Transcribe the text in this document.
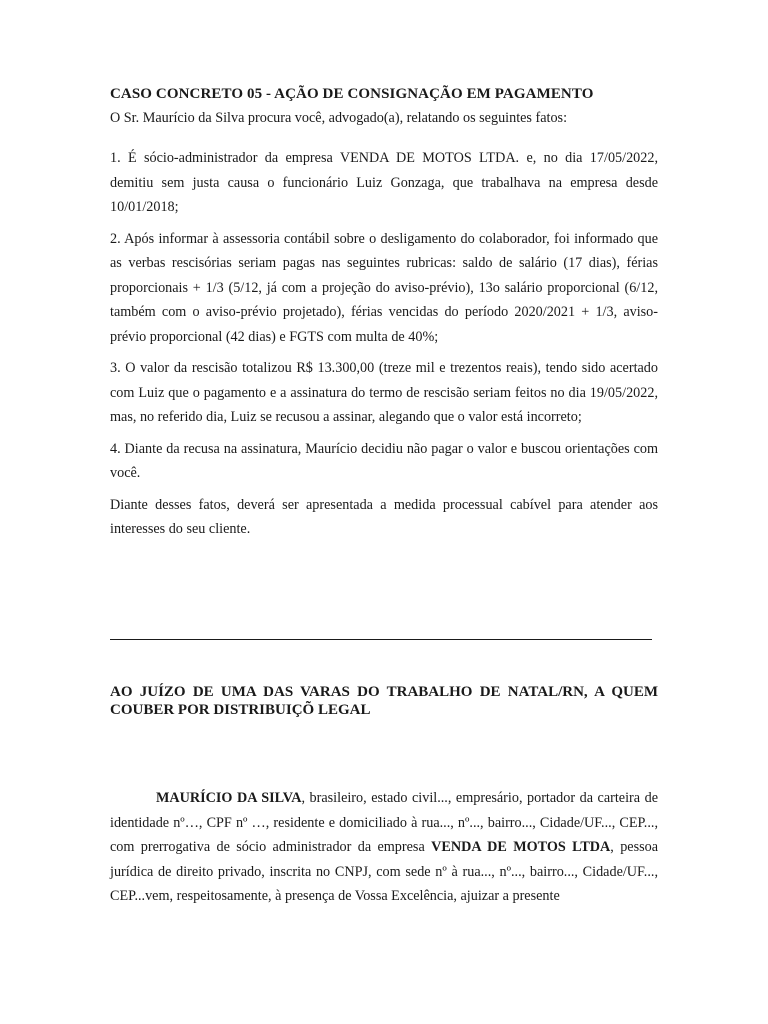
CASO CONCRETO 05 - AÇÃO DE CONSIGNAÇÃO EM PAGAMENTO

O Sr. Maurício da Silva procura você, advogado(a), relatando os seguintes fatos:

1. É sócio-administrador da empresa VENDA DE MOTOS LTDA. e, no dia 17/05/2022, demitiu sem justa causa o funcionário Luiz Gonzaga, que trabalhava na empresa desde 10/01/2018;

2. Após informar à assessoria contábil sobre o desligamento do colaborador, foi informado que as verbas rescisórias seriam pagas nas seguintes rubricas: saldo de salário (17 dias), férias proporcionais + 1/3 (5/12, já com a projeção do aviso-prévio), 13o salário proporcional (6/12, também com o aviso-prévio projetado), férias vencidas do período 2020/2021 + 1/3, aviso-prévio proporcional (42 dias) e FGTS com multa de 40%;

3. O valor da rescisão totalizou R$ 13.300,00 (treze mil e trezentos reais), tendo sido acertado com Luiz que o pagamento e a assinatura do termo de rescisão seriam feitos no dia 19/05/2022, mas, no referido dia, Luiz se recusou a assinar, alegando que o valor está incorreto;

4. Diante da recusa na assinatura, Maurício decidiu não pagar o valor e buscou orientações com você.

Diante desses fatos, deverá ser apresentada a medida processual cabível para atender aos interesses do seu cliente.

AO JUÍZO DE UMA DAS VARAS DO TRABALHO DE NATAL/RN, A QUEM COUBER POR DISTRIBUIÇÕ LEGAL

MAURÍCIO DA SILVA, brasileiro, estado civil..., empresário, portador da carteira de identidade nº…, CPF nº …, residente e domiciliado à rua..., nº..., bairro..., Cidade/UF..., CEP..., com prerrogativa de sócio administrador da empresa VENDA DE MOTOS LTDA, pessoa jurídica de direito privado, inscrita no CNPJ, com sede nº à rua..., nº..., bairro..., Cidade/UF..., CEP...vem, respeitosamente, à presença de Vossa Excelência, ajuizar a presente
